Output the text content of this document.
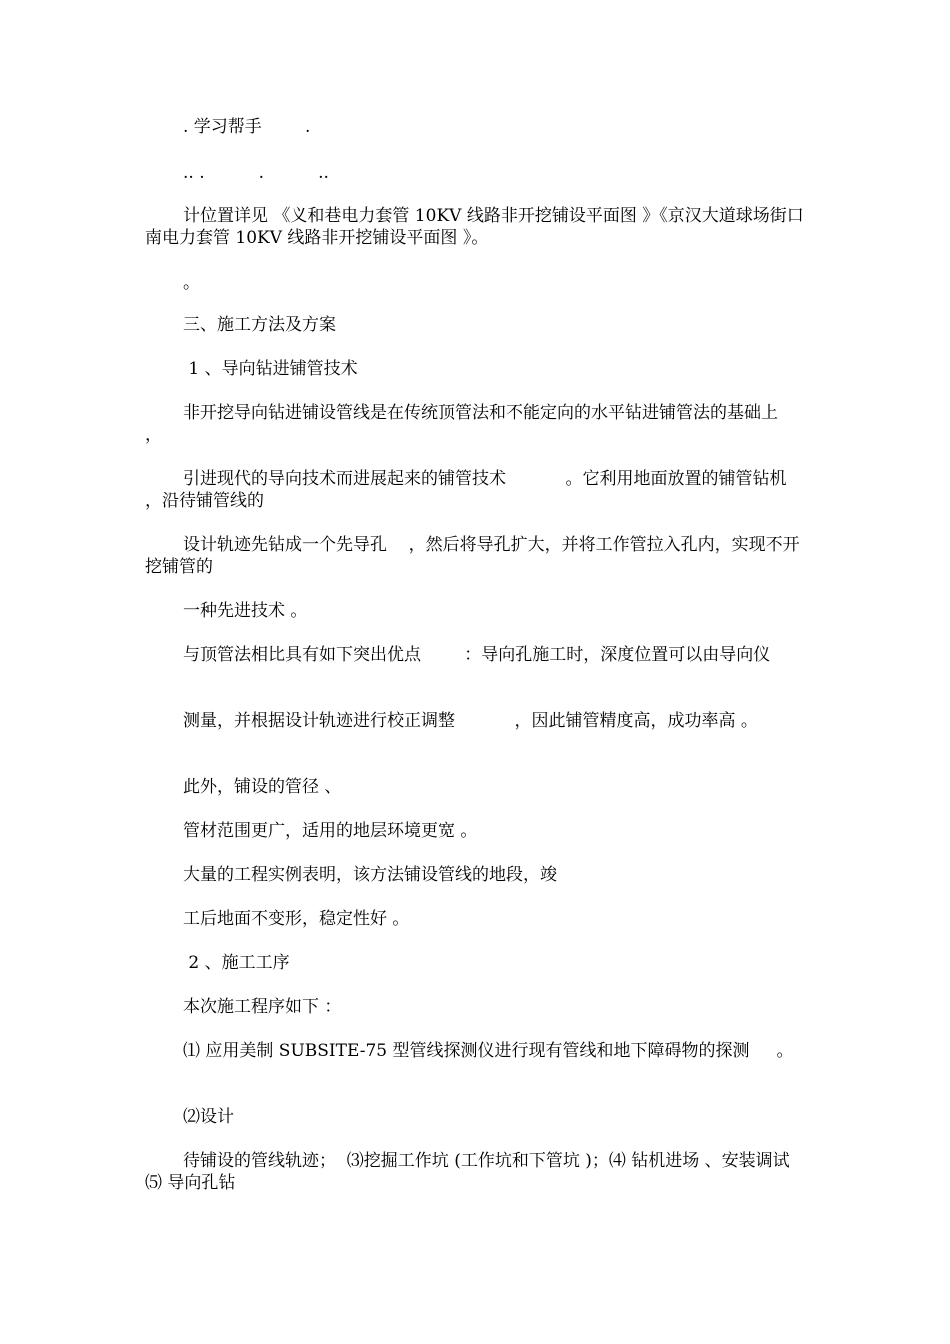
. 学习帮手        .

.. .          .          ..

计位置详见 《义和巷电力套管 10KV 线路非开挖铺设平面图 》《京汉大道球场街口南电力套管 10KV 线路非开挖铺设平面图 》。

。

三、施工方法及方案

1 、导向钻进铺管技术

非开挖导向钻进铺设管线是在传统顶管法和不能定向的水平钻进铺管法的基础上           ，

引进现代的导向技术而进展起来的铺管技术           。它利用地面放置的铺管钻机          ，沿待铺管线的

设计轨迹先钻成一个先导孔    ，然后将导孔扩大，并将工作管拉入孔内，实现不开挖铺管的

一种先进技术 。

与顶管法相比具有如下突出优点        ：导向孔施工时，深度位置可以由导向仪

测量，并根据设计轨迹进行校正调整           ，因此铺管精度高，成功率高 。

此外，铺设的管径 、

管材范围更广，适用的地层环境更宽 。

大量的工程实例表明，该方法铺设管线的地段，竣

工后地面不变形，稳定性好 。

2 、施工工序

本次施工程序如下 ：

⑴ 应用美制 SUBSITE-75 型管线探测仪进行现有管线和地下障碍物的探测     。

⑵设计

待铺设的管线轨迹；  ⑶挖掘工作坑 (工作坑和下管坑 )；⑷ 钻机进场 、安装调试          ⑸ 导向孔钻
